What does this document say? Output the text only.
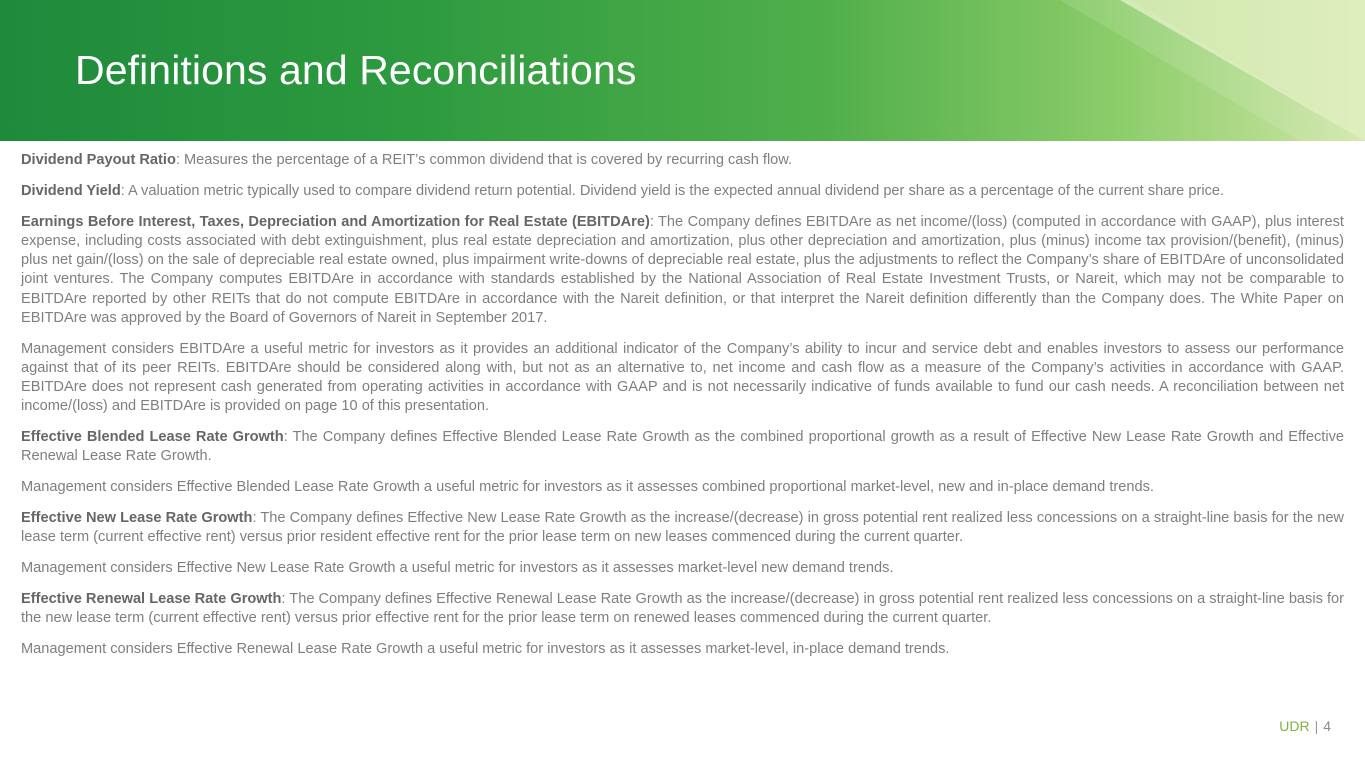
Definitions and Reconciliations

Dividend Payout Ratio: Measures the percentage of a REIT’s common dividend that is covered by recurring cash flow.

Dividend Yield: A valuation metric typically used to compare dividend return potential. Dividend yield is the expected annual dividend per share as a percentage of the current share price.

Earnings Before Interest, Taxes, Depreciation and Amortization for Real Estate (EBITDAre): The Company defines EBITDAre as net income/(loss) (computed in accordance with GAAP), plus interest expense, including costs associated with debt extinguishment, plus real estate depreciation and amortization, plus other depreciation and amortization, plus (minus) income tax provision/(benefit), (minus) plus net gain/(loss) on the sale of depreciable real estate owned, plus impairment write-downs of depreciable real estate, plus the adjustments to reflect the Company’s share of EBITDAre of unconsolidated joint ventures. The Company computes EBITDAre in accordance with standards established by the National Association of Real Estate Investment Trusts, or Nareit, which may not be comparable to EBITDAre reported by other REITs that do not compute EBITDAre in accordance with the Nareit definition, or that interpret the Nareit definition differently than the Company does. The White Paper on EBITDAre was approved by the Board of Governors of Nareit in September 2017.

Management considers EBITDAre a useful metric for investors as it provides an additional indicator of the Company’s ability to incur and service debt and enables investors to assess our performance against that of its peer REITs. EBITDAre should be considered along with, but not as an alternative to, net income and cash flow as a measure of the Company’s activities in accordance with GAAP. EBITDAre does not represent cash generated from operating activities in accordance with GAAP and is not necessarily indicative of funds available to fund our cash needs. A reconciliation between net income/(loss) and EBITDAre is provided on page 10 of this presentation.

Effective Blended Lease Rate Growth: The Company defines Effective Blended Lease Rate Growth as the combined proportional growth as a result of Effective New Lease Rate Growth and Effective Renewal Lease Rate Growth.

Management considers Effective Blended Lease Rate Growth a useful metric for investors as it assesses combined proportional market-level, new and in-place demand trends.

Effective New Lease Rate Growth: The Company defines Effective New Lease Rate Growth as the increase/(decrease) in gross potential rent realized less concessions on a straight-line basis for the new lease term (current effective rent) versus prior resident effective rent for the prior lease term on new leases commenced during the current quarter.

Management considers Effective New Lease Rate Growth a useful metric for investors as it assesses market-level new demand trends.

Effective Renewal Lease Rate Growth: The Company defines Effective Renewal Lease Rate Growth as the increase/(decrease) in gross potential rent realized less concessions on a straight-line basis for the new lease term (current effective rent) versus prior effective rent for the prior lease term on renewed leases commenced during the current quarter.

Management considers Effective Renewal Lease Rate Growth a useful metric for investors as it assesses market-level, in-place demand trends.

UDR | 4
